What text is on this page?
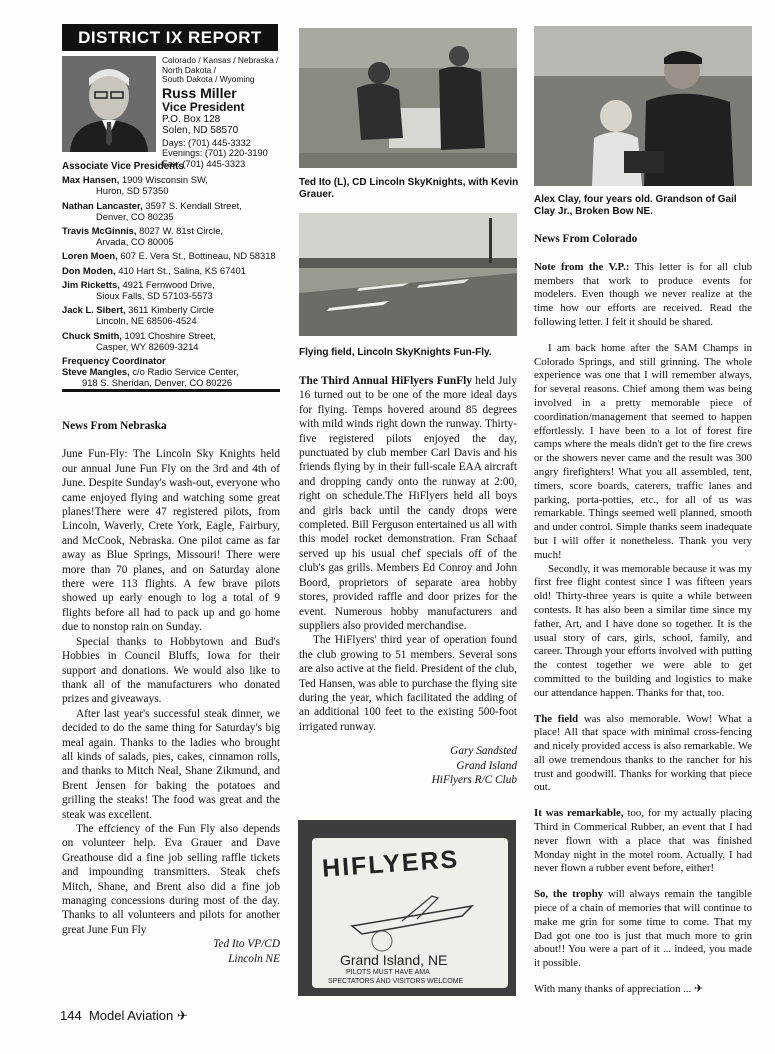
DISTRICT IX REPORT
Colorado / Kansas / Nebraska /
North Dakota /
South Dakota / Wyoming
Russ Miller
Vice President
P.O. Box 128
Solen, ND 58570
Days: (701) 445-3332
Evenings: (701) 220-3190
Fax: (701) 445-3323
Associate Vice Presidents
Max Hansen, 1909 Wisconsin SW,
Huron, SD 57350
Nathan Lancaster, 3597 S. Kendall Street,
Denver, CO 80235
Travis McGinnis, 8027 W. 81st Circle,
Arvada, CO 80005
Loren Moen, 607 E. Vera St., Bottineau, ND 58318
Don Moden, 410 Hart St., Salina, KS 67401
Jim Ricketts, 4921 Fernwood Drive,
Sioux Falls, SD 57103-5573
Jack L. Sibert, 3611 Kimberly Circle
Lincoln, NE 68506-4524
Chuck Smith, 1091 Choshire Street,
Casper, WY 82609-3214
Frequency Coordinator
Steve Mangles, c/o Radio Service Center,
918 S. Sheridan, Denver, CO 80226
News From Nebraska

June Fun-Fly: The Lincoln Sky Knights held our annual June Fun Fly on the 3rd and 4th of June. Despite Sunday's wash-out, everyone who came enjoyed flying and watching some great planes!There were 47 registered pilots, from Lincoln, Waverly, Crete York, Eagle, Fairbury, and McCook, Nebraska. One pilot came as far away as Blue Springs, Missouri! There were more than 70 planes, and on Saturday alone there were 113 flights. A few brave pilots showed up early enough to log a total of 9 flights before all had to pack up and go home due to nonstop rain on Sunday.

Special thanks to Hobbytown and Bud's Hobbies in Council Bluffs, Iowa for their support and donations. We would also like to thank all of the manufacturers who donated prizes and giveaways.

After last year's successful steak dinner, we decided to do the same thing for Saturday's big meal again. Thanks to the ladies who brought all kinds of salads, pies, cakes, cinnamon rolls, and thanks to Mitch Neal, Shane Zikmund, and Brent Jensen for baking the potatoes and grilling the steaks! The food was great and the steak was excellent.

The effciency of the Fun Fly also depends on volunteer help. Eva Grauer and Dave Greathouse did a fine job selling raffle tickets and impounding transmitters. Steak chefs Mitch, Shane, and Brent also did a fine job managing concessions during most of the day. Thanks to all volunteers and pilots for another great June Fun Fly

Ted Ito VP/CD
Lincoln NE
Ted Ito (L), CD Lincoln SkyKnights, with Kevin Grauer.
Flying field, Lincoln SkyKnights Fun-Fly.

The Third Annual HiFlyers FunFly held July 16 turned out to be one of the more ideal days for flying. Temps hovered around 85 degrees with mild winds right down the runway. Thirty-five registered pilots enjoyed the day, punctuated by club member Carl Davis and his friends flying by in their full-scale EAA aircraft and dropping candy onto the runway at 2:00, right on schedule.The HiFlyers held all boys and girls back until the candy drops were completed. Bill Ferguson entertained us all with this model rocket demonstration. Fran Schaaf served up his usual chef specials off of the club's gas grills. Members Ed Conroy and John Boord, proprietors of separate area hobby stores, provided raffle and door prizes for the event. Numerous hobby manufacturers and suppliers also provided merchandise.

The HiFlyers' third year of operation found the club growing to 51 members. Several sons are also active at the field. President of the club, Ted Hansen, was able to purchase the flying site during the year, which facilitated the adding of an additional 100 feet to the existing 500-foot irrigated runway.

Gary Sandsted
Grand Island
HiFlyers R/C Club
HIFLYERS
Grand Island, NE
PILOTS MUST HAVE AMA
SPECTATORS AND VISITORS WELCOME
Alex Clay, four years old. Grandson of Gail Clay Jr., Broken Bow NE.
News From Colorado

Note from the V.P.: This letter is for all club members that work to produce events for modelers. Even though we never realize at the time how our efforts are received. Read the following letter. I felt it should be shared.

I am back home after the SAM Champs in Colorado Springs, and still grinning. The whole experience was one that I will remember always, for several reasons. Chief among them was being involved in a pretty memorable piece of coordination/management that seemed to happen effortlessly. I have been to a lot of forest fire camps where the meals didn't get to the fire crews or the showers never came and the result was 300 angry firefighters! What you all assembled, tent, timers, score boards, caterers, traffic lanes and parking, porta-potties, etc., for all of us was remarkable. Things seemed well planned, smooth and under control. Simple thanks seem inadequate but I will offer it nonetheless. Thank you very much!

Secondly, it was memorable because it was my first free flight contest since I was fifteen years old! Thirty-three years is quite a while between contests. It has also been a similar time since my father, Art, and I have done so together. It is the usual story of cars, girls, school, family, and career. Through your efforts involved with putting the contest together we were able to get committed to the building and logistics to make our attendance happen. Thanks for that, too.

The field was also memorable. Wow! What a place! All that space with minimal cross-fencing and nicely provided access is also remarkable. We all owe tremendous thanks to the rancher for his trust and goodwill. Thanks for working that piece out.

It was remarkable, too, for my actually placing Third in Commerical Rubber, an event that I had never flown with a place that was finished Monday night in the motel room. Actually, I had never flown a rubber event before, either!

So, the trophy will always remain the tangible piece of a chain of memories that will continue to make me grin for some time to come. That my Dad got one too is just that much more to grin about!! You were a part of it ... indeed, you made it possible.

With many thanks of appreciation ... ✈

144 Model Aviation ✈
